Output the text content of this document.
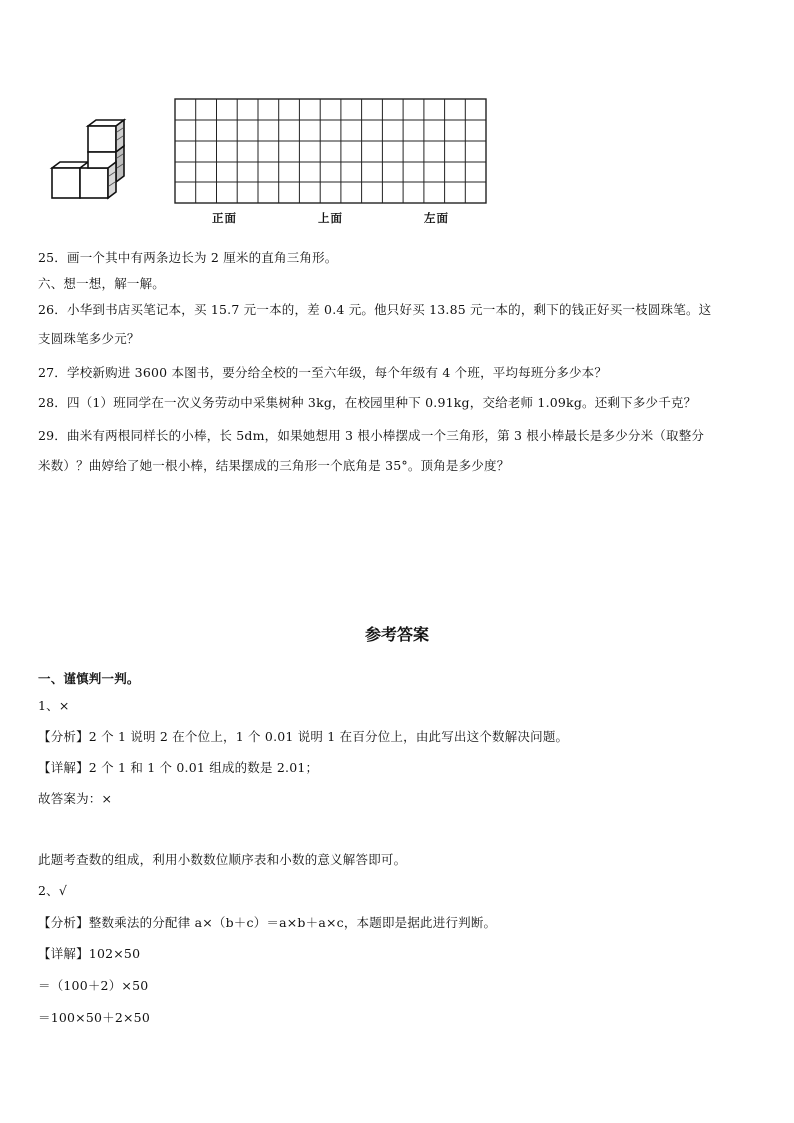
正面	上面	左面
25．画一个其中有两条边长为 2 厘米的直角三角形。
六、想一想，解一解。
26．小华到书店买笔记本，买 15.7 元一本的，差 0.4 元。他只好买 13.85 元一本的，剩下的钱正好买一枝圆珠笔。这
支圆珠笔多少元？
27．学校新购进 3600 本图书，要分给全校的一至六年级，每个年级有 4 个班，平均每班分多少本？
28．四（1）班同学在一次义务劳动中采集树种 3kg，在校园里种下 0.91kg，交给老师 1.09kg。还剩下多少千克？
29．曲米有两根同样长的小棒，长 5dm，如果她想用 3 根小棒摆成一个三角形，第 3 根小棒最长是多少分米（取整分
米数）？曲婷给了她一根小棒，结果摆成的三角形一个底角是 35°。顶角是多少度？
参考答案
一、谨慎判一判。
1、×
【分析】2 个 1 说明 2 在个位上，1 个 0.01 说明 1 在百分位上，由此写出这个数解决问题。
【详解】2 个 1 和 1 个 0.01 组成的数是 2.01；
故答案为：×
此题考查数的组成，利用小数数位顺序表和小数的意义解答即可。
2、√
【分析】整数乘法的分配律 a×（b＋c）＝a×b＋a×c，本题即是据此进行判断。
【详解】102×50
＝（100＋2）×50
＝100×50＋2×50
